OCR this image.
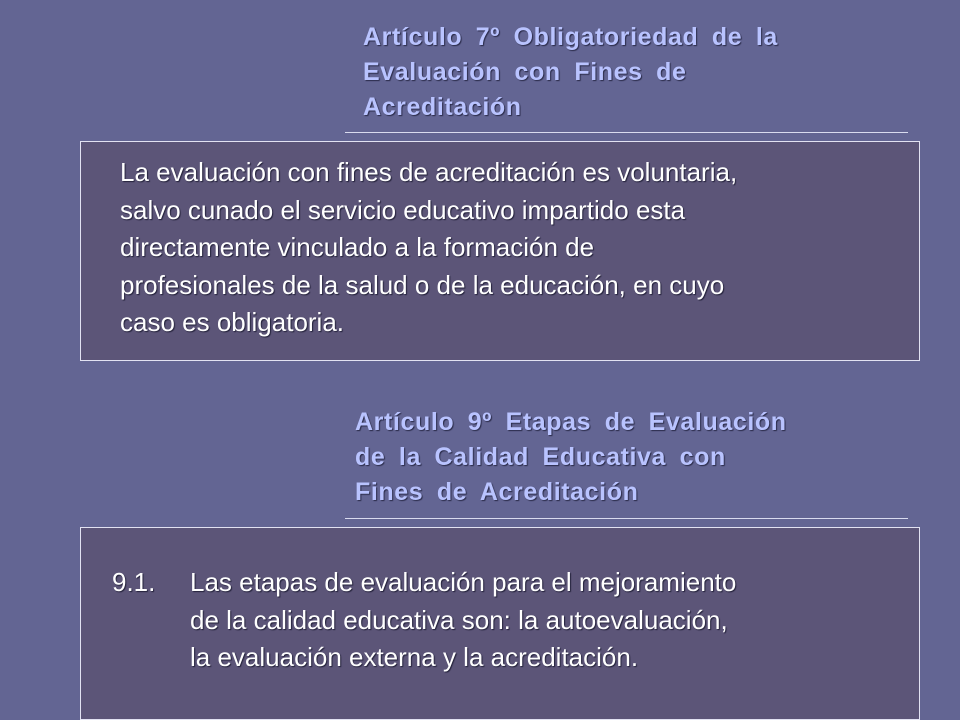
Artículo 7º Obligatoriedad de la
Evaluación con Fines de
Acreditación

La evaluación con fines de acreditación es voluntaria,
salvo cunado el servicio educativo impartido esta
directamente vinculado a la formación de
profesionales de la salud o de la educación, en cuyo
caso es obligatoria.

Artículo 9º Etapas de Evaluación
de la Calidad Educativa con
Fines de Acreditación

9.1. Las etapas de evaluación para el mejoramiento
de la calidad educativa son: la autoevaluación,
la evaluación externa y la acreditación.
